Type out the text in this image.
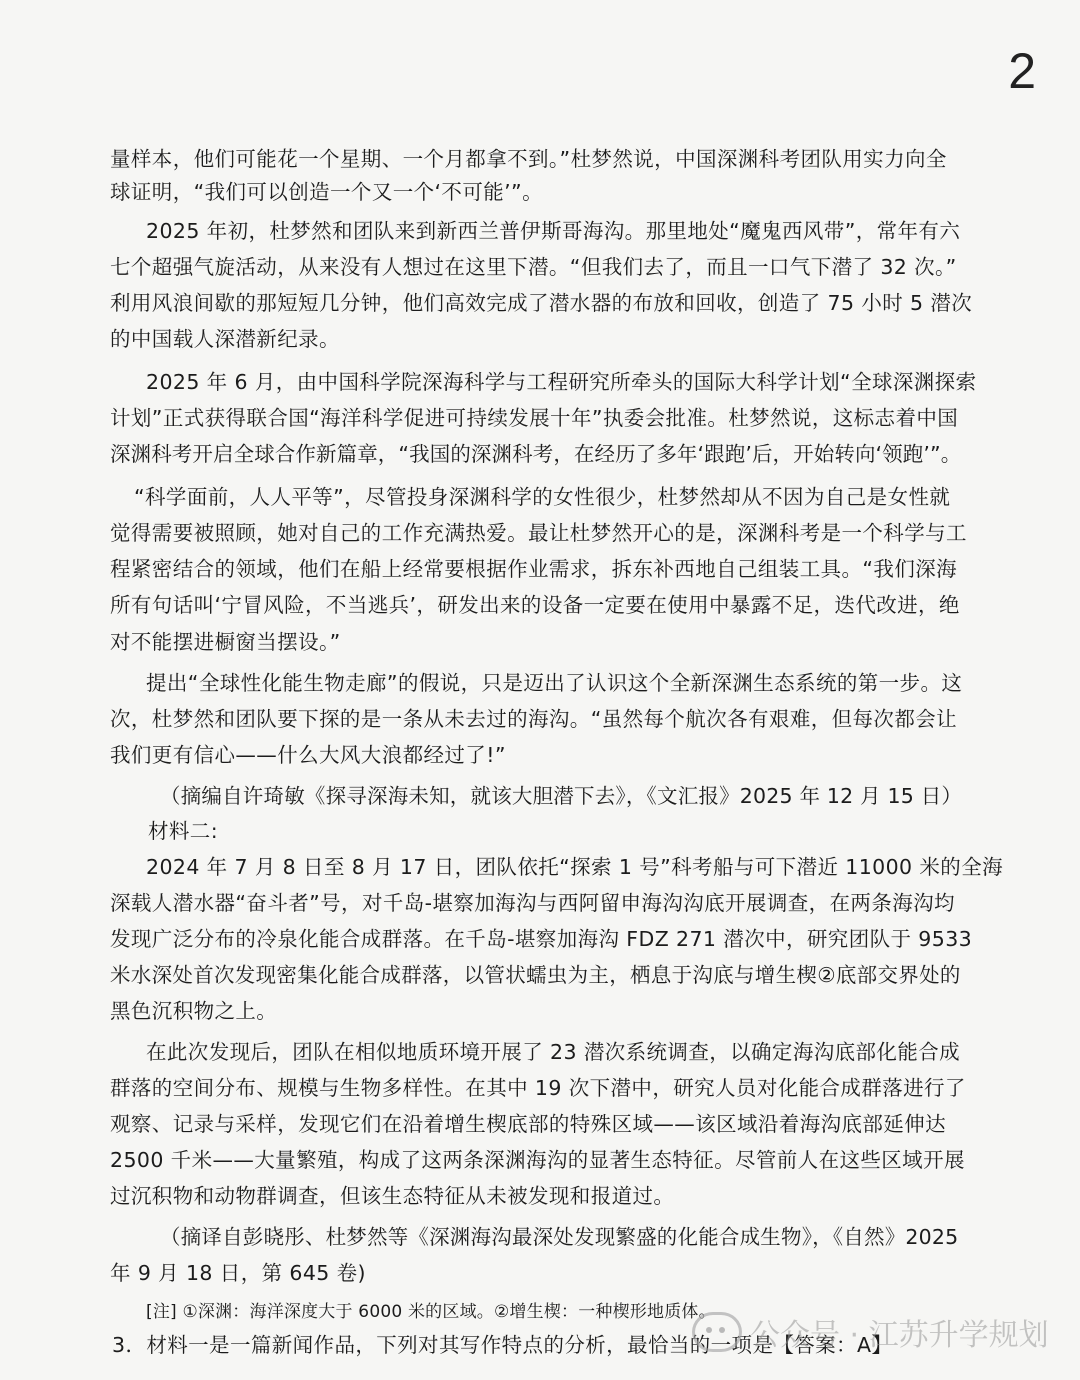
2
量样本，他们可能花一个星期、一个月都拿不到。”杜梦然说，中国深渊科考团队用实力向全
球证明，“我们可以创造一个又一个‘不可能’”。
2025 年初，杜梦然和团队来到新西兰普伊斯哥海沟。那里地处“魔鬼西风带”，常年有六
七个超强气旋活动，从来没有人想过在这里下潜。“但我们去了，而且一口气下潜了 32 次。”
利用风浪间歇的那短短几分钟，他们高效完成了潜水器的布放和回收，创造了 75 小时 5 潜次
的中国载人深潜新纪录。
2025 年 6 月，由中国科学院深海科学与工程研究所牵头的国际大科学计划“全球深渊探索
计划”正式获得联合国“海洋科学促进可持续发展十年”执委会批准。杜梦然说，这标志着中国
深渊科考开启全球合作新篇章，“我国的深渊科考，在经历了多年‘跟跑’后，开始转向‘领跑’”。
“科学面前，人人平等”，尽管投身深渊科学的女性很少，杜梦然却从不因为自己是女性就
觉得需要被照顾，她对自己的工作充满热爱。最让杜梦然开心的是，深渊科考是一个科学与工
程紧密结合的领域，他们在船上经常要根据作业需求，拆东补西地自己组装工具。“我们深海
所有句话叫‘宁冒风险，不当逃兵’，研发出来的设备一定要在使用中暴露不足，迭代改进，绝
对不能摆进橱窗当摆设。”
提出“全球性化能生物走廊”的假说，只是迈出了认识这个全新深渊生态系统的第一步。这
次，杜梦然和团队要下探的是一条从未去过的海沟。“虽然每个航次各有艰难，但每次都会让
我们更有信心——什么大风大浪都经过了!”
（摘编自许琦敏《探寻深海未知，就该大胆潜下去》，《文汇报》2025 年 12 月 15 日）
材料二:
2024 年 7 月 8 日至 8 月 17 日，团队依托“探索 1 号”科考船与可下潜近 11000 米的全海
深载人潜水器“奋斗者”号，对千岛-堪察加海沟与西阿留申海沟沟底开展调查，在两条海沟均
发现广泛分布的冷泉化能合成群落。在千岛-堪察加海沟 FDZ 271 潜次中，研究团队于 9533
米水深处首次发现密集化能合成群落，以管状蠕虫为主，栖息于沟底与增生楔②底部交界处的
黑色沉积物之上。
在此次发现后，团队在相似地质环境开展了 23 潜次系统调查，以确定海沟底部化能合成
群落的空间分布、规模与生物多样性。在其中 19 次下潜中，研究人员对化能合成群落进行了
观察、记录与采样，发现它们在沿着增生楔底部的特殊区域——该区域沿着海沟底部延伸达
2500 千米——大量繁殖，构成了这两条深渊海沟的显著生态特征。尽管前人在这些区域开展
过沉积物和动物群调查，但该生态特征从未被发现和报道过。
（摘译自彭晓彤、杜梦然等《深渊海沟最深处发现繁盛的化能合成生物》，《自然》2025
年 9 月 18 日，第 645 卷)
[注] ①深渊：海洋深度大于 6000 米的区域。②增生楔：一种楔形地质体。
3．材料一是一篇新闻作品，下列对其写作特点的分析，最恰当的一项是【答案：A】
公众号 · 江苏升学规划
